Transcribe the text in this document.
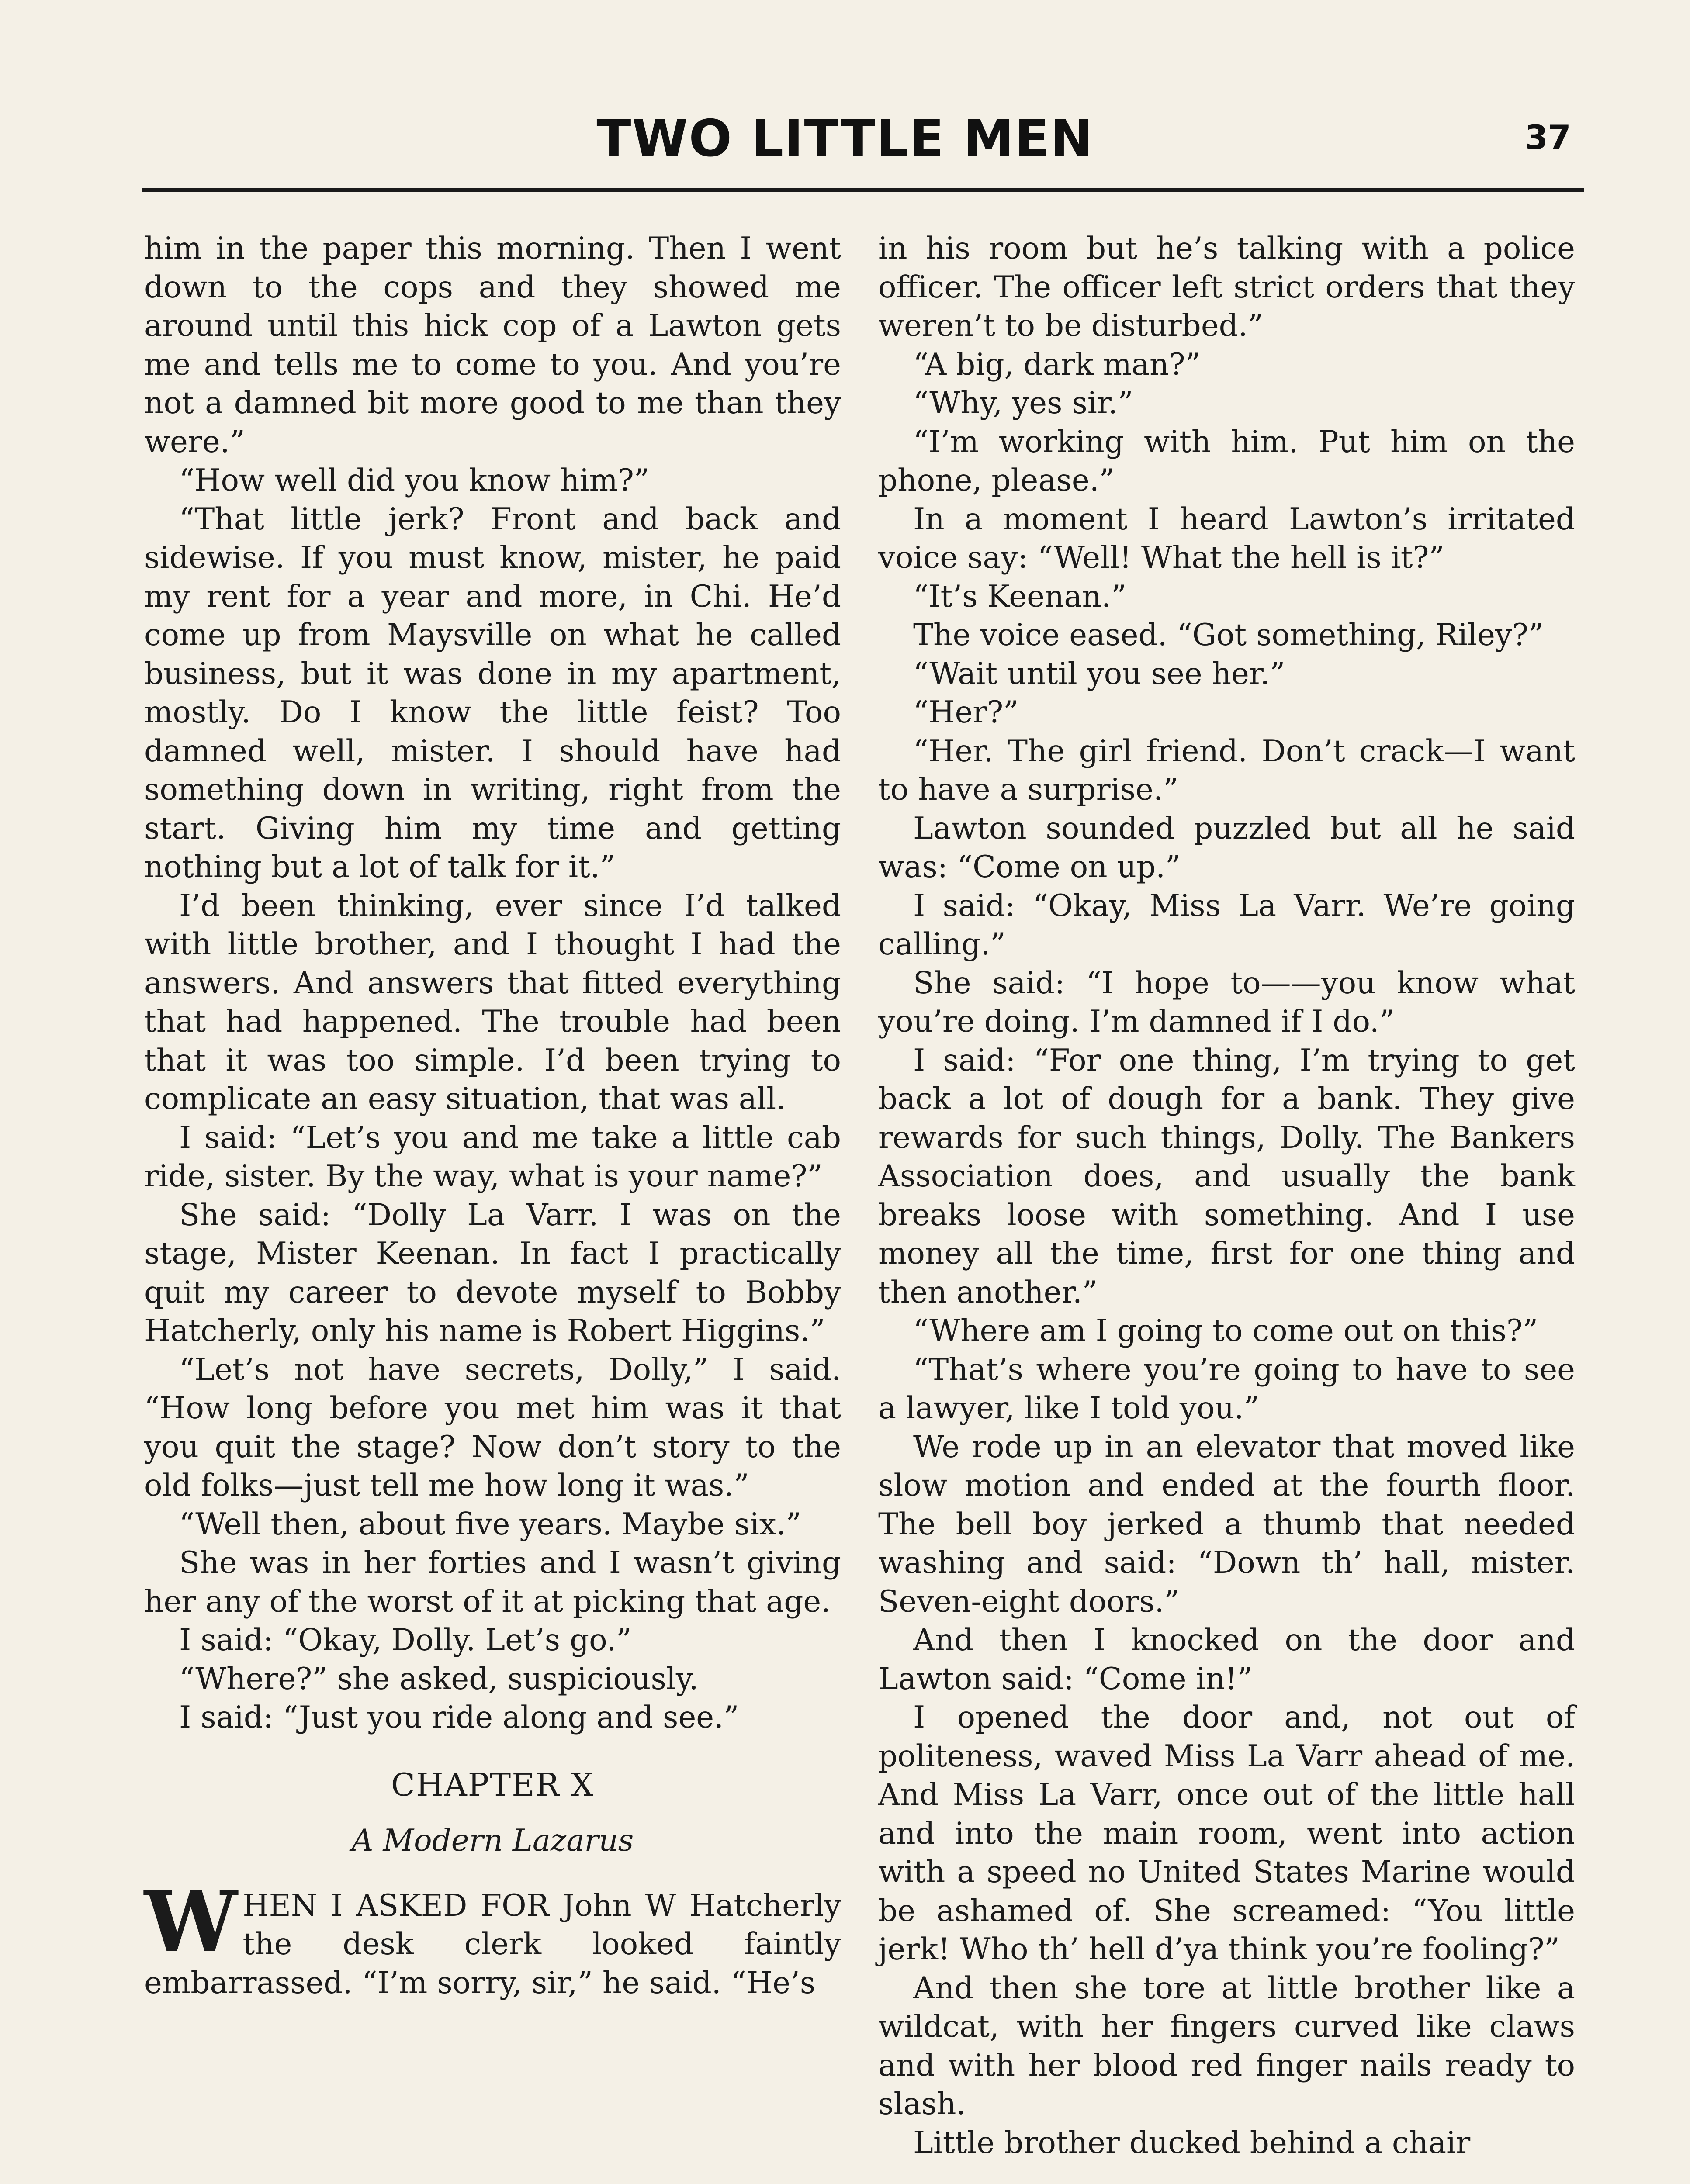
TWO LITTLE MEN	37

him in the paper this morning. Then I went down to the cops and they showed me around until this hick cop of a Lawton gets me and tells me to come to you. And you’re not a damned bit more good to me than they were.”

“How well did you know him?”

“That little jerk? Front and back and sidewise. If you must know, mister, he paid my rent for a year and more, in Chi. He’d come up from Maysville on what he called business, but it was done in my apartment, mostly. Do I know the little feist? Too damned well, mister. I should have had something down in writing, right from the start. Giving him my time and getting nothing but a lot of talk for it.”

I’d been thinking, ever since I’d talked with little brother, and I thought I had the answers. And answers that fitted everything that had happened. The trouble had been that it was too simple. I’d been trying to complicate an easy situation, that was all.

I said: “Let’s you and me take a little cab ride, sister. By the way, what is your name?”

She said: “Dolly La Varr. I was on the stage, Mister Keenan. In fact I practically quit my career to devote myself to Bobby Hatcherly, only his name is Robert Higgins.”

“Let’s not have secrets, Dolly,” I said. “How long before you met him was it that you quit the stage? Now don’t story to the old folks—just tell me how long it was.”

“Well then, about five years. Maybe six.”

She was in her forties and I wasn’t giving her any of the worst of it at picking that age.

I said: “Okay, Dolly. Let’s go.”

“Where?” she asked, suspiciously.

I said: “Just you ride along and see.”

CHAPTER X
A Modern Lazarus

WHEN I ASKED FOR John W Hatcherly the desk clerk looked faintly embarrassed. “I’m sorry, sir,” he said. “He’s

in his room but he’s talking with a police officer. The officer left strict orders that they weren’t to be disturbed.”

“A big, dark man?”

“Why, yes sir.”

“I’m working with him. Put him on the phone, please.”

In a moment I heard Lawton’s irritated voice say: “Well! What the hell is it?”

“It’s Keenan.”

The voice eased. “Got something, Riley?”

“Wait until you see her.”

“Her?”

“Her. The girl friend. Don’t crack—I want to have a surprise.”

Lawton sounded puzzled but all he said was: “Come on up.”

I said: “Okay, Miss La Varr. We’re going calling.”

She said: “I hope to——you know what you’re doing. I’m damned if I do.”

I said: “For one thing, I’m trying to get back a lot of dough for a bank. They give rewards for such things, Dolly. The Bankers Association does, and usually the bank breaks loose with something. And I use money all the time, first for one thing and then another.”

“Where am I going to come out on this?”

“That’s where you’re going to have to see a lawyer, like I told you.”

We rode up in an elevator that moved like slow motion and ended at the fourth floor. The bell boy jerked a thumb that needed washing and said: “Down th’ hall, mister. Seven-eight doors.”

And then I knocked on the door and Lawton said: “Come in!”

I opened the door and, not out of politeness, waved Miss La Varr ahead of me. And Miss La Varr, once out of the little hall and into the main room, went into action with a speed no United States Marine would be ashamed of. She screamed: “You little jerk! Who th’ hell d’ya think you’re fooling?”

And then she tore at little brother like a wildcat, with her fingers curved like claws and with her blood red finger nails ready to slash.

Little brother ducked behind a chair
